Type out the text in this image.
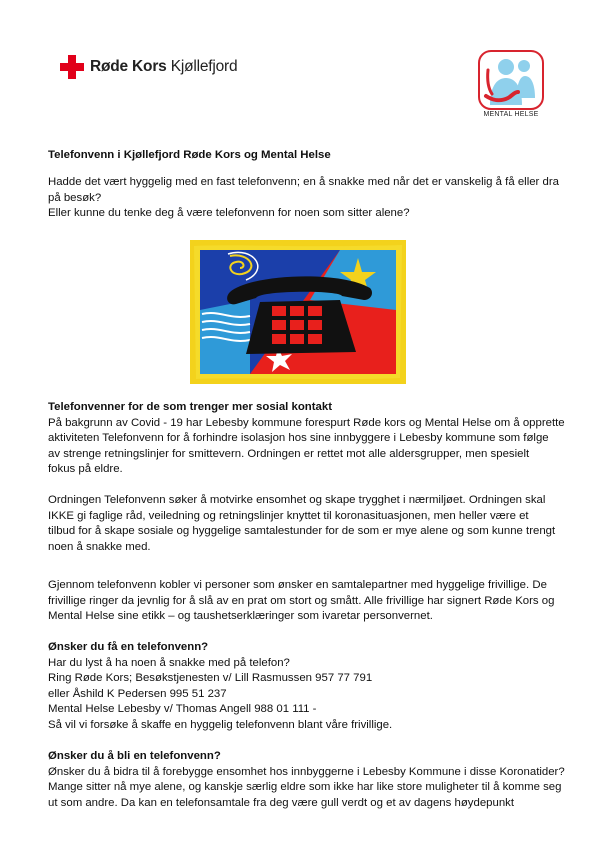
Røde Kors Kjøllefjord
MENTAL HELSE
Telefonvenn i Kjøllefjord Røde Kors og Mental Helse

Hadde det vært hyggelig med en fast telefonvenn; en å snakke med når det er vanskelig å få eller dra

på besøk?

Eller kunne du tenke deg å være telefonvenn for noen som sitter alene?

Telefonvenner for de som trenger mer sosial kontakt

På bakgrunn av Covid - 19 har Lebesby kommune forespurt Røde kors og Mental Helse om å opprette

aktiviteten Telefonvenn for å forhindre isolasjon hos sine innbyggere i Lebesby kommune som følge

av strenge retningslinjer for smittevern. Ordningen er rettet mot alle aldersgrupper, men spesielt

fokus på eldre.

Ordningen Telefonvenn søker å motvirke ensomhet og skape trygghet i nærmiljøet. Ordningen skal

IKKE gi faglige råd, veiledning og retningslinjer knyttet til koronasituasjonen, men heller være et

tilbud for å skape sosiale og hyggelige samtalestunder for de som er mye alene og som kunne trengt

noen å snakke med.

Gjennom telefonvenn kobler vi personer som ønsker en samtalepartner med hyggelige frivillige. De

frivillige ringer da jevnlig for å slå av en prat om stort og smått. Alle frivillige har signert Røde Kors og

Mental Helse sine etikk – og taushetserklæringer som ivaretar personvernet.

Ønsker du få en telefonvenn?

Har du lyst å ha noen å snakke med på telefon?

Ring Røde Kors; Besøkstjenesten v/ Lill Rasmussen 957 77 791

eller Åshild K Pedersen 995 51 237

Mental Helse Lebesby v/ Thomas Angell 988 01 111 -

Så vil vi forsøke å skaffe en hyggelig telefonvenn blant våre frivillige.

Ønsker du å bli en telefonvenn?

Ønsker du å bidra til å forebygge ensomhet hos innbyggerne i Lebesby Kommune i disse Koronatider?

Mange sitter nå mye alene, og kanskje særlig eldre som ikke har like store muligheter til å komme seg

ut som andre. Da kan en telefonsamtale fra deg være gull verdt og et av dagens høydepunkt
